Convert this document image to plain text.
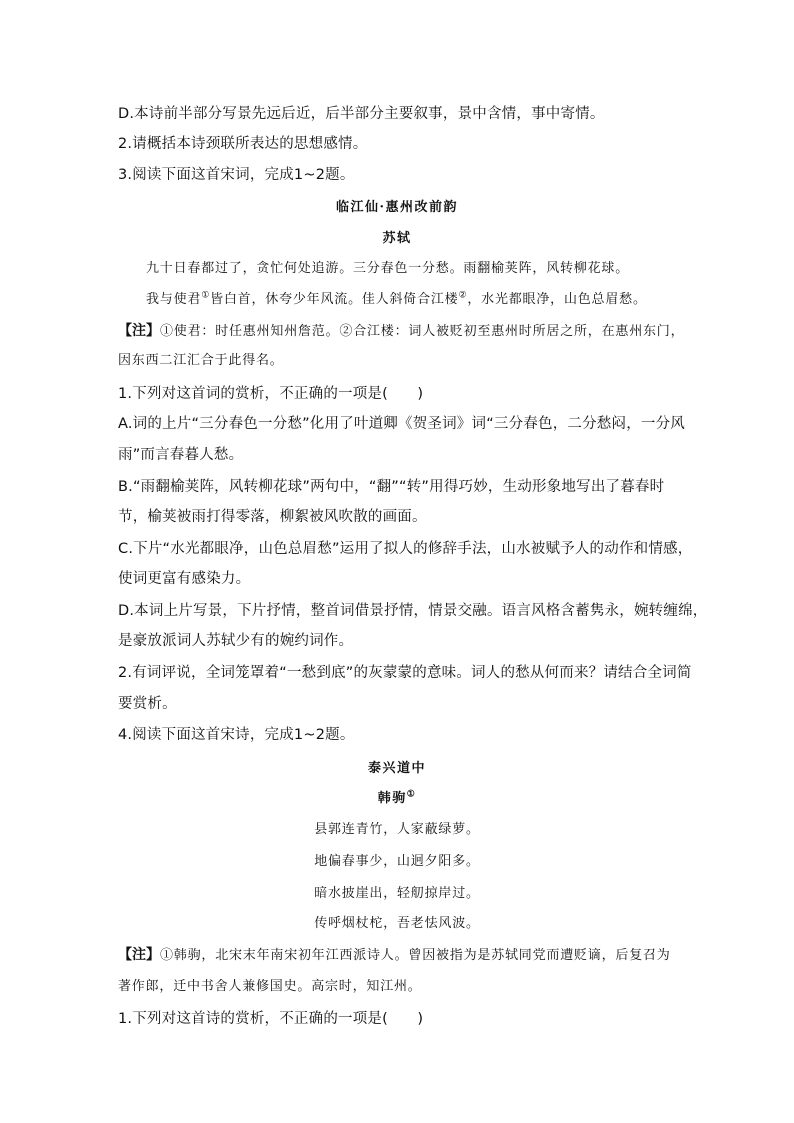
D.本诗前半部分写景先远后近，后半部分主要叙事，景中含情，事中寄情。
2.请概括本诗颈联所表达的思想感情。
3.阅读下面这首宋词，完成1~2题。
临江仙·惠州改前韵
苏轼
九十日春都过了，贪忙何处追游。三分春色一分愁。雨翻榆荚阵，风转柳花球。
我与使君①皆白首，休夸少年风流。佳人斜倚合江楼②，水光都眼净，山色总眉愁。
【注】①使君：时任惠州知州詹范。②合江楼：词人被贬初至惠州时所居之所，在惠州东门，
因东西二江汇合于此得名。
1.下列对这首词的赏析，不正确的一项是(　　)
A.词的上片“三分春色一分愁”化用了叶道卿《贺圣词》词“三分春色，二分愁闷，一分风
雨”而言春暮人愁。
B.“雨翻榆荚阵，风转柳花球”两句中，“翻”“转”用得巧妙，生动形象地写出了暮春时
节，榆荚被雨打得零落，柳絮被风吹散的画面。
C.下片“水光都眼净，山色总眉愁”运用了拟人的修辞手法，山水被赋予人的动作和情感，
使词更富有感染力。
D.本词上片写景，下片抒情，整首词借景抒情，情景交融。语言风格含蓄隽永，婉转缠绵，
是豪放派词人苏轼少有的婉约词作。
2.有词评说，全词笼罩着“一愁到底”的灰蒙蒙的意味。词人的愁从何而来？请结合全词简
要赏析。
4.阅读下面这首宋诗，完成1~2题。
泰兴道中
韩驹①
县郭连青竹，人家蔽绿萝。
地偏春事少，山迥夕阳多。
暗水披崖出，轻舠掠岸过。
传呼烟杖柁，吾老怯风波。
【注】①韩驹，北宋末年南宋初年江西派诗人。曾因被指为是苏轼同党而遭贬谪，后复召为
著作郎，迁中书舍人兼修国史。高宗时，知江州。
1.下列对这首诗的赏析，不正确的一项是(　　)
